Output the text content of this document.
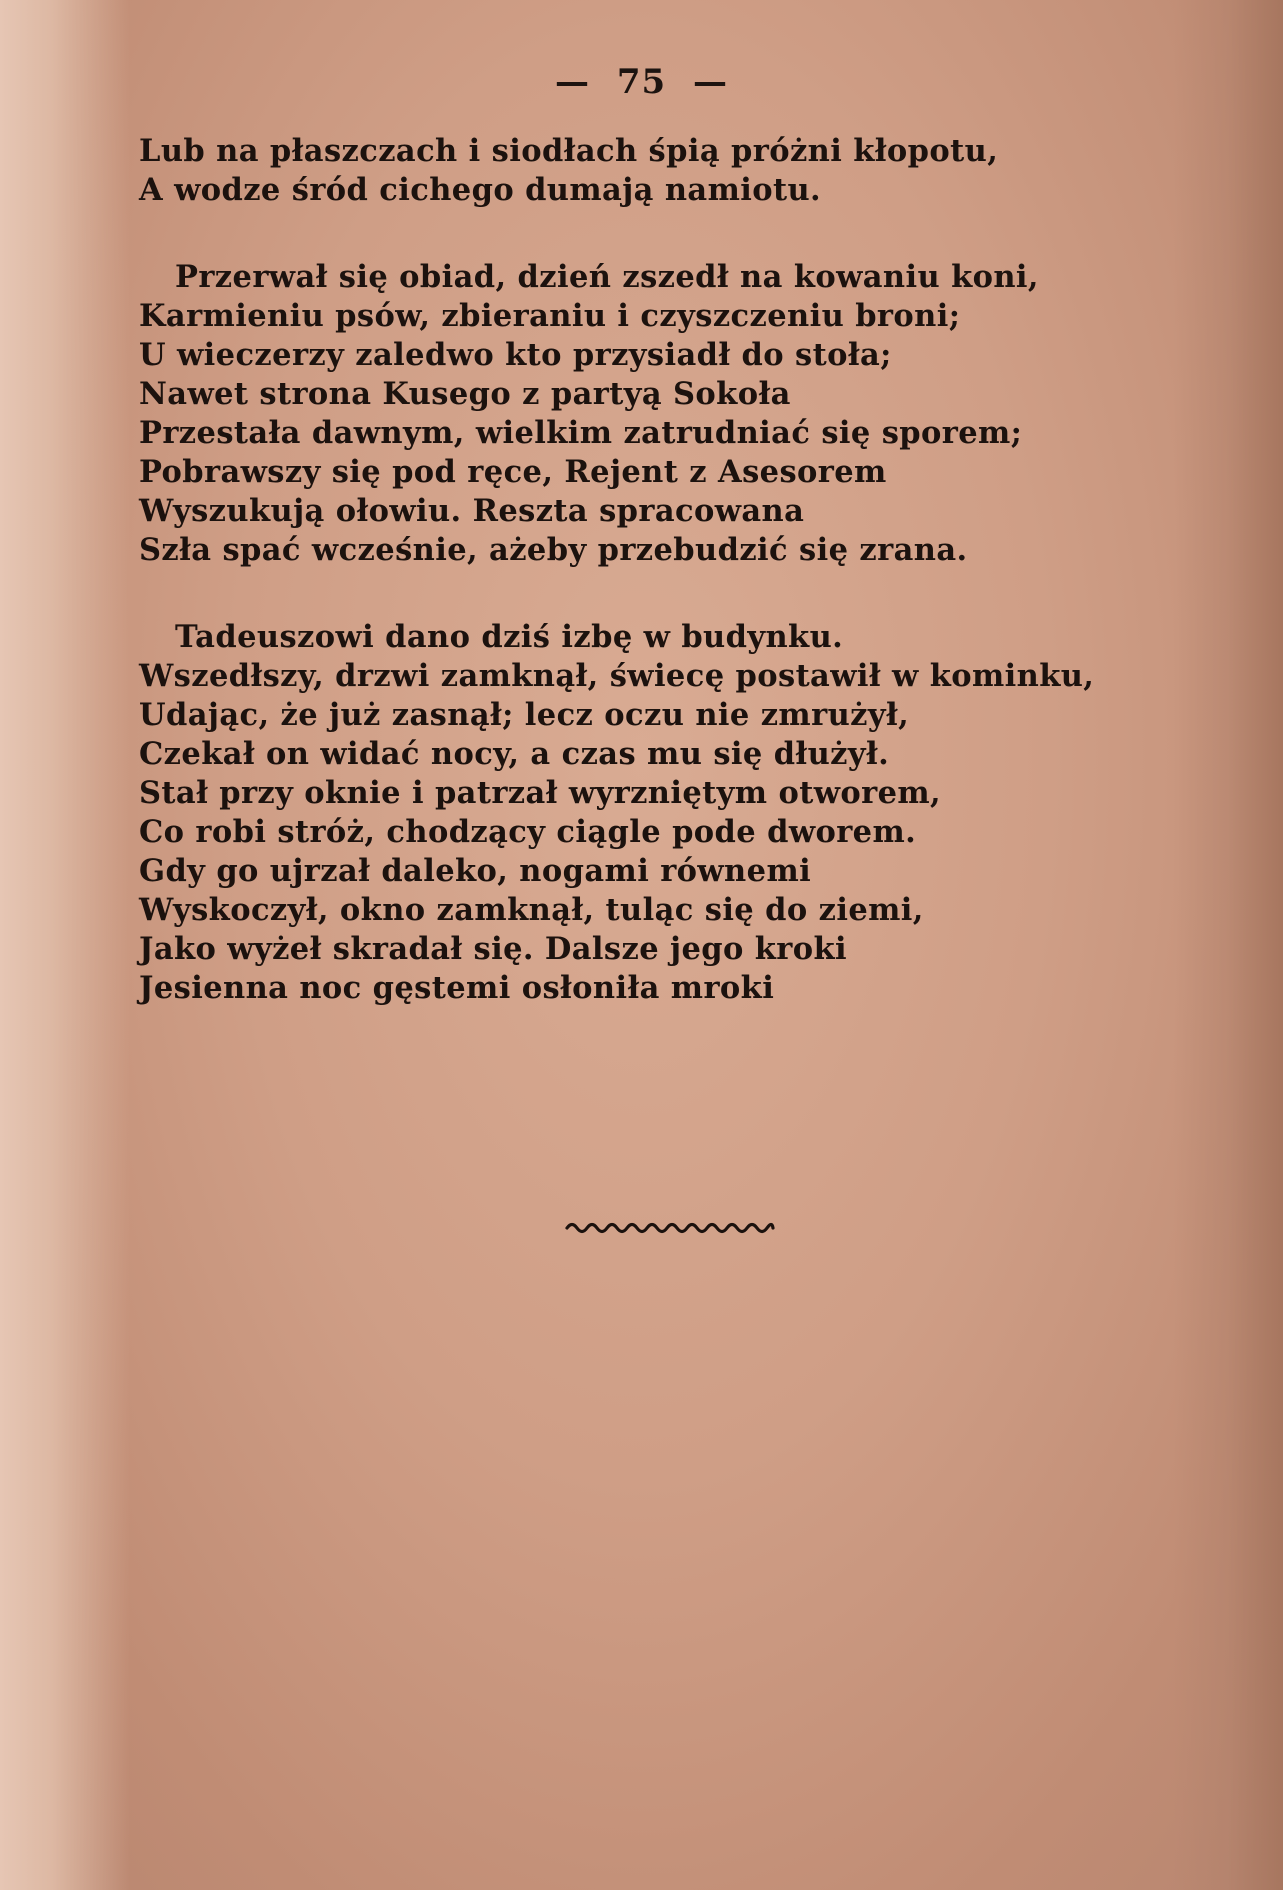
— 75 —
Lub na płaszczach i siodłach śpią próżni kłopotu,
A wodze śród cichego dumają namiotu.
Przerwał się obiad, dzień zszedł na kowaniu koni,
Karmieniu psów, zbieraniu i czyszczeniu broni;
U wieczerzy zaledwo kto przysiadł do stoła;
Nawet strona Kusego z partyą Sokoła
Przestała dawnym, wielkim zatrudniać się sporem;
Pobrawszy się pod ręce, Rejent z Asesorem
Wyszukują ołowiu. Reszta spracowana
Szła spać wcześnie, ażeby przebudzić się zrana.
Tadeuszowi dano dziś izbę w budynku.
Wszedłszy, drzwi zamknął, świecę postawił w kominku,
Udając, że już zasnął; lecz oczu nie zmrużył,
Czekał on widać nocy, a czas mu się dłużył.
Stał przy oknie i patrzał wyrzniętym otworem,
Co robi stróż, chodzący ciągle pode dworem.
Gdy go ujrzał daleko, nogami równemi
Wyskoczył, okno zamknął, tuląc się do ziemi,
Jako wyżeł skradał się. Dalsze jego kroki
Jesienna noc gęstemi osłoniła mroki
